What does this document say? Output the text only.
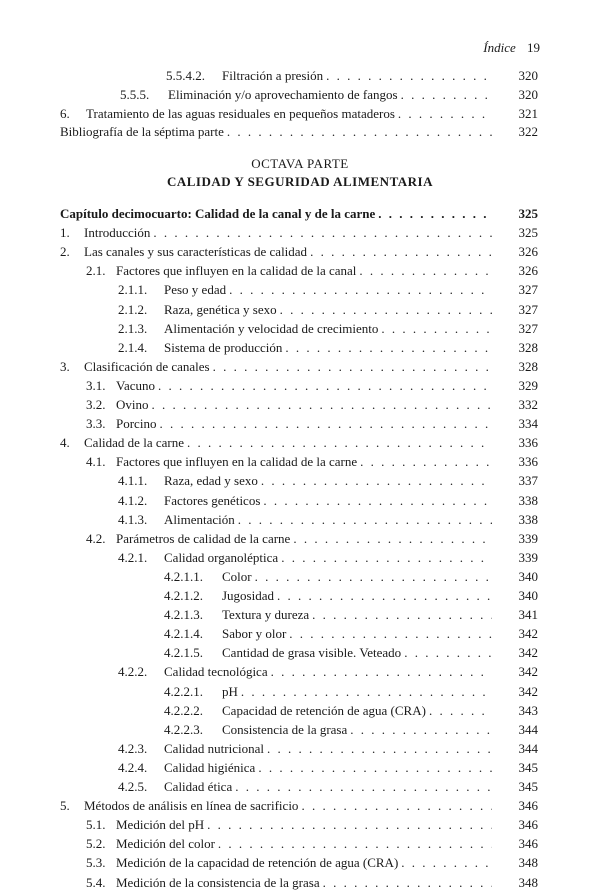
Índice 19
5.5.4.2. Filtración a presión . . .	320
5.5.5. Eliminación y/o aprovechamiento de fangos . . .	320
6. Tratamiento de las aguas residuales en pequeños mataderos . . .	321
Bibliografía de la séptima parte . . .	322
OCTAVA PARTE
CALIDAD Y SEGURIDAD ALIMENTARIA
Capítulo decimocuarto: Calidad de la canal y de la carne . . .	325
1. Introducción . . .	325
2. Las canales y sus características de calidad . . .	326
2.1. Factores que influyen en la calidad de la canal . . .	326
2.1.1. Peso y edad . . .	327
2.1.2. Raza, genética y sexo . . .	327
2.1.3. Alimentación y velocidad de crecimiento . . .	327
2.1.4. Sistema de producción . . .	328
3. Clasificación de canales . . .	328
3.1. Vacuno . . .	329
3.2. Ovino . . .	332
3.3. Porcino . . .	334
4. Calidad de la carne . . .	336
4.1. Factores que influyen en la calidad de la carne . . .	336
4.1.1. Raza, edad y sexo . . .	337
4.1.2. Factores genéticos . . .	338
4.1.3. Alimentación . . .	338
4.2. Parámetros de calidad de la carne . . .	339
4.2.1. Calidad organoléptica . . .	339
4.2.1.1. Color . . .	340
4.2.1.2. Jugosidad . . .	340
4.2.1.3. Textura y dureza . . .	341
4.2.1.4. Sabor y olor . . .	342
4.2.1.5. Cantidad de grasa visible. Veteado . . .	342
4.2.2. Calidad tecnológica . . .	342
4.2.2.1. pH . . .	342
4.2.2.2. Capacidad de retención de agua (CRA) . . .	343
4.2.2.3. Consistencia de la grasa . . .	344
4.2.3. Calidad nutricional . . .	344
4.2.4. Calidad higiénica . . .	345
4.2.5. Calidad ética . . .	345
5. Métodos de análisis en línea de sacrificio . . .	346
5.1. Medición del pH . . .	346
5.2. Medición del color . . .	346
5.3. Medición de la capacidad de retención de agua (CRA) . . .	348
5.4. Medición de la consistencia de la grasa . . .	348
